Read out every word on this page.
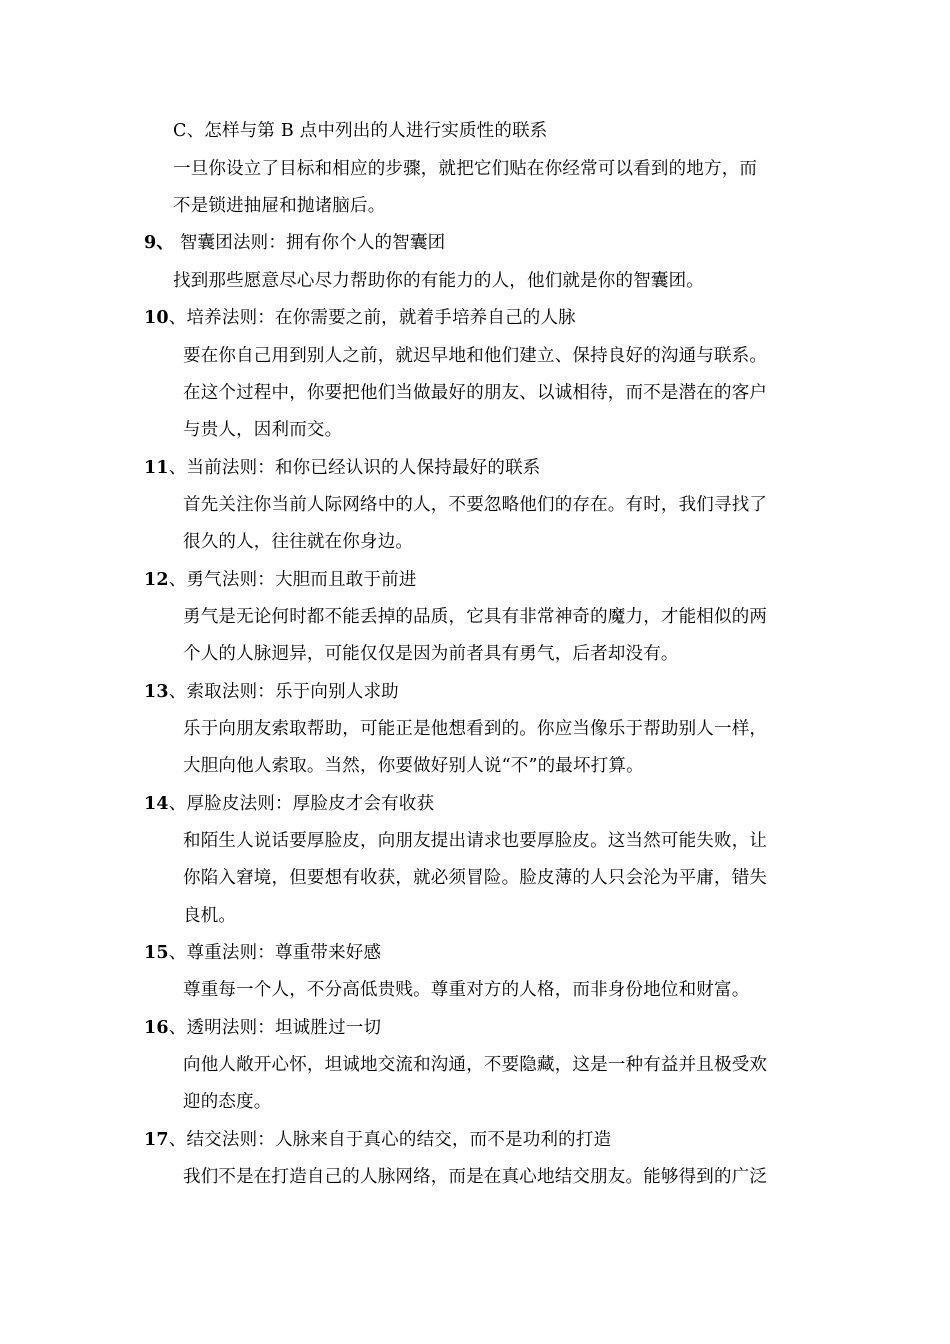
C、怎样与第 B 点中列出的人进行实质性的联系
一旦你设立了目标和相应的步骤，就把它们贴在你经常可以看到的地方，而
不是锁进抽屉和抛诸脑后。
9、 智囊团法则：拥有你个人的智囊团
找到那些愿意尽心尽力帮助你的有能力的人，他们就是你的智囊团。
10、培养法则：在你需要之前，就着手培养自己的人脉
要在你自己用到别人之前，就迟早地和他们建立、保持良好的沟通与联系。
在这个过程中，你要把他们当做最好的朋友、以诚相待，而不是潜在的客户
与贵人，因利而交。
11、当前法则：和你已经认识的人保持最好的联系
首先关注你当前人际网络中的人，不要忽略他们的存在。有时，我们寻找了
很久的人，往往就在你身边。
12、勇气法则：大胆而且敢于前进
勇气是无论何时都不能丢掉的品质，它具有非常神奇的魔力，才能相似的两
个人的人脉迥异，可能仅仅是因为前者具有勇气，后者却没有。
13、索取法则：乐于向别人求助
乐于向朋友索取帮助，可能正是他想看到的。你应当像乐于帮助别人一样，
大胆向他人索取。当然，你要做好别人说“不”的最坏打算。
14、厚脸皮法则：厚脸皮才会有收获
和陌生人说话要厚脸皮，向朋友提出请求也要厚脸皮。这当然可能失败，让
你陷入窘境，但要想有收获，就必须冒险。脸皮薄的人只会沦为平庸，错失
良机。
15、尊重法则：尊重带来好感
尊重每一个人，不分高低贵贱。尊重对方的人格，而非身份地位和财富。
16、透明法则：坦诚胜过一切
向他人敞开心怀，坦诚地交流和沟通，不要隐藏，这是一种有益并且极受欢
迎的态度。
17、结交法则：人脉来自于真心的结交，而不是功利的打造
我们不是在打造自己的人脉网络，而是在真心地结交朋友。能够得到的广泛
